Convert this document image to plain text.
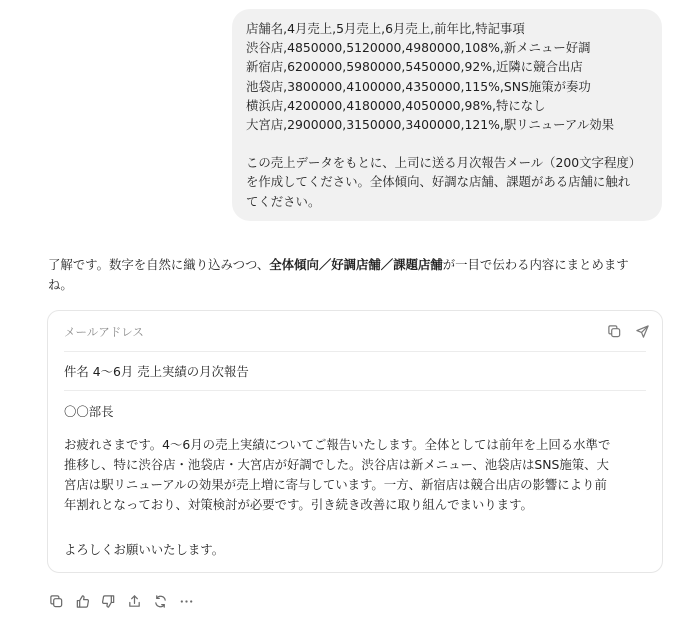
店舗名,4月売上,5月売上,6月売上,前年比,特記事項
渋谷店,4850000,5120000,4980000,108%,新メニュー好調
新宿店,6200000,5980000,5450000,92%,近隣に競合出店
池袋店,3800000,4100000,4350000,115%,SNS施策が奏功
横浜店,4200000,4180000,4050000,98%,特になし
大宮店,2900000,3150000,3400000,121%,駅リニューアル効果
この売上データをもとに、上司に送る月次報告メール（200文字程度）
を作成してください。全体傾向、好調な店舗、課題がある店舗に触れ
てください。
了解です。数字を自然に織り込みつつ、全体傾向／好調店舗／課題店舗が一目で伝わる内容にまとめます
ね。
メールアドレス
件名 4〜6月 売上実績の月次報告
〇〇部長
お疲れさまです。4〜6月の売上実績についてご報告いたします。全体としては前年を上回る水準で
推移し、特に渋谷店・池袋店・大宮店が好調でした。渋谷店は新メニュー、池袋店はSNS施策、大
宮店は駅リニューアルの効果が売上増に寄与しています。一方、新宿店は競合出店の影響により前
年割れとなっており、対策検討が必要です。引き続き改善に取り組んでまいります。
よろしくお願いいたします。
